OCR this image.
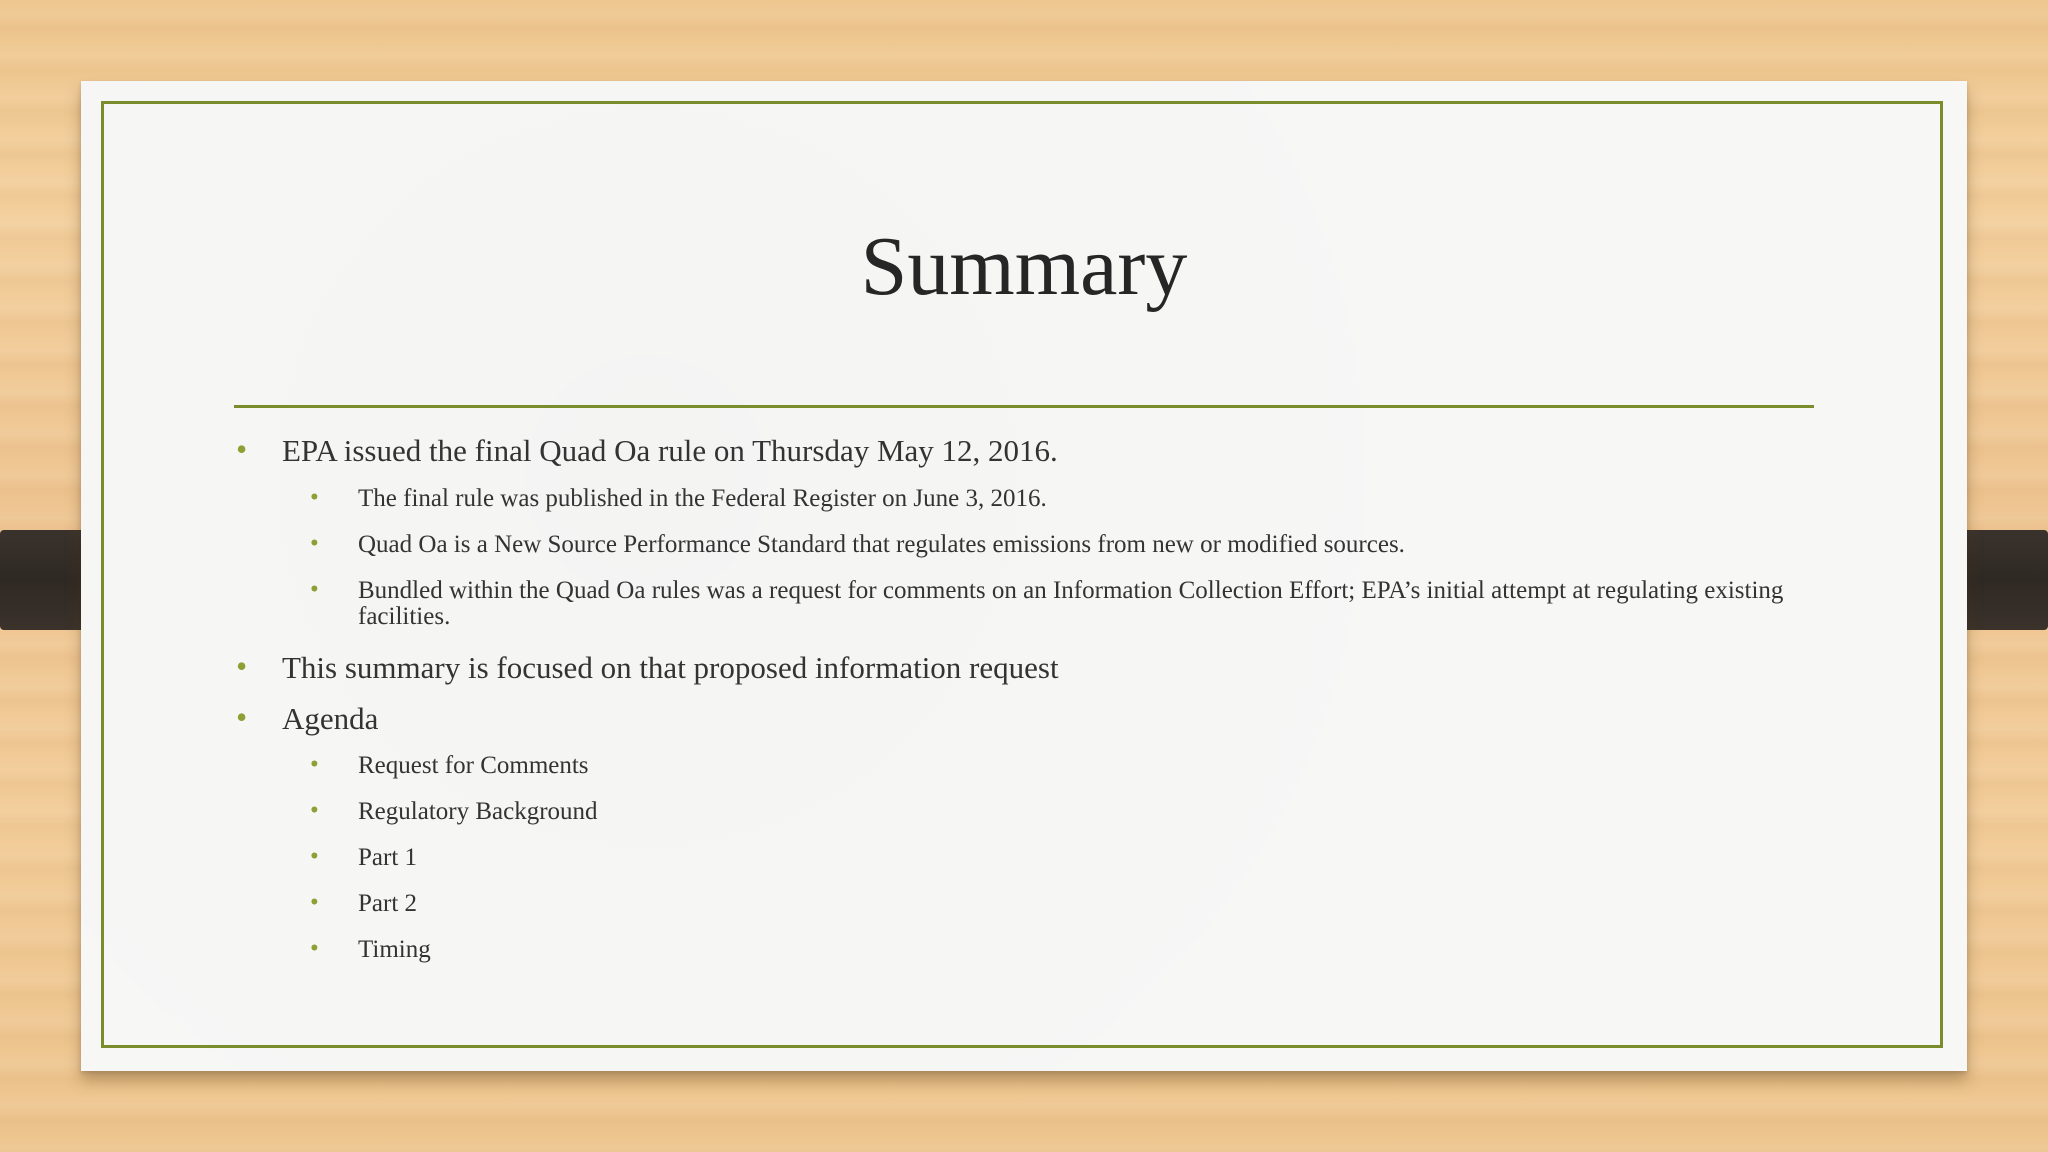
Summary
• EPA issued the final Quad Oa rule on Thursday May 12, 2016.
• The final rule was published in the Federal Register on June 3, 2016.
• Quad Oa is a New Source Performance Standard that regulates emissions from new or modified sources.
• Bundled within the Quad Oa rules was a request for comments on an Information Collection Effort; EPA’s initial attempt at regulating existing facilities.
• This summary is focused on that proposed information request
• Agenda
• Request for Comments
• Regulatory Background
• Part 1
• Part 2
• Timing
